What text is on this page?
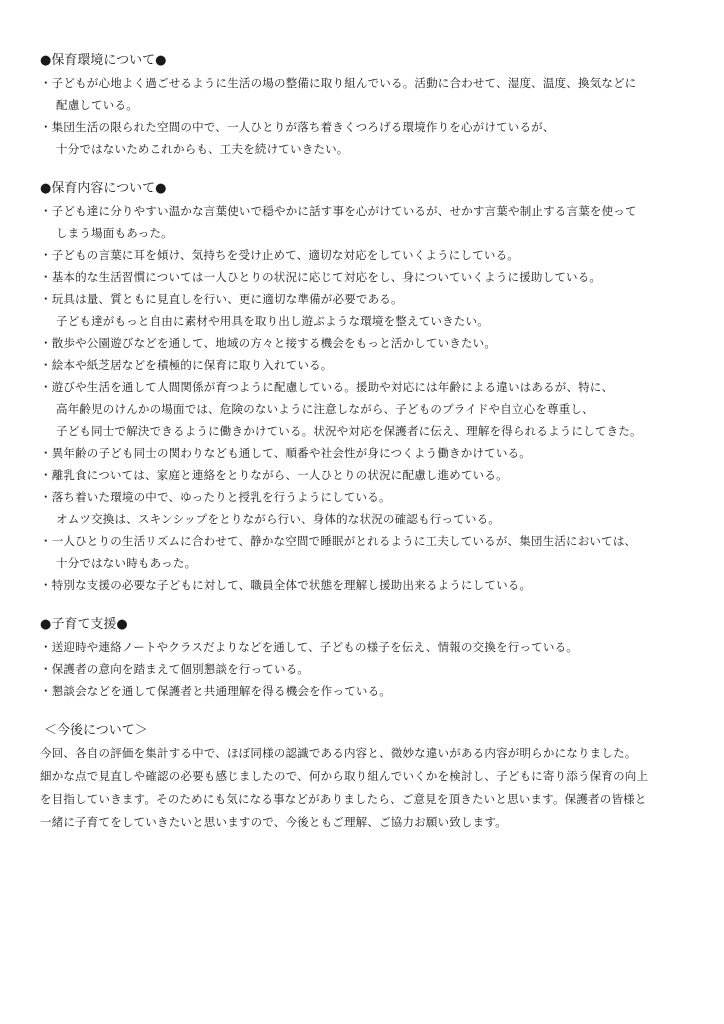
●保育環境について●
・子どもが心地よく過ごせるように生活の場の整備に取り組んでいる。活動に合わせて、湿度、温度、換気などに
配慮している。
・集団生活の限られた空間の中で、一人ひとりが落ち着きくつろげる環境作りを心がけているが、
十分ではないためこれからも、工夫を続けていきたい。
●保育内容について●
・子ども達に分りやすい温かな言葉使いで穏やかに話す事を心がけているが、せかす言葉や制止する言葉を使って
しまう場面もあった。
・子どもの言葉に耳を傾け、気持ちを受け止めて、適切な対応をしていくようにしている。
・基本的な生活習慣については一人ひとりの状況に応じて対応をし、身についていくように援助している。
・玩具は量、質ともに見直しを行い、更に適切な準備が必要である。
子ども達がもっと自由に素材や用具を取り出し遊ぶような環境を整えていきたい。
・散歩や公園遊びなどを通して、地域の方々と接する機会をもっと活かしていきたい。
・絵本や紙芝居などを積極的に保育に取り入れている。
・遊びや生活を通して人間関係が育つように配慮している。援助や対応には年齢による違いはあるが、特に、
高年齢児のけんかの場面では、危険のないように注意しながら、子どものプライドや自立心を尊重し、
子ども同士で解決できるように働きかけている。状況や対応を保護者に伝え、理解を得られるようにしてきた。
・異年齢の子ども同士の関わりなども通して、順番や社会性が身につくよう働きかけている。
・離乳食については、家庭と連絡をとりながら、一人ひとりの状況に配慮し進めている。
・落ち着いた環境の中で、ゆったりと授乳を行うようにしている。
オムツ交換は、スキンシップをとりながら行い、身体的な状況の確認も行っている。
・一人ひとりの生活リズムに合わせて、静かな空間で睡眠がとれるように工夫しているが、集団生活においては、
十分ではない時もあった。
・特別な支援の必要な子どもに対して、職員全体で状態を理解し援助出来るようにしている。
●子育て支援●
・送迎時や連絡ノートやクラスだよりなどを通して、子どもの様子を伝え、情報の交換を行っている。
・保護者の意向を踏まえて個別懇談を行っている。
・懇談会などを通して保護者と共通理解を得る機会を作っている。
＜今後について＞
今回、各自の評価を集計する中で、ほぼ同様の認識である内容と、微妙な違いがある内容が明らかになりました。
細かな点で見直しや確認の必要も感じましたので、何から取り組んでいくかを検討し、子どもに寄り添う保育の向上
を目指していきます。そのためにも気になる事などがありましたら、ご意見を頂きたいと思います。保護者の皆様と
一緒に子育てをしていきたいと思いますので、今後ともご理解、ご協力お願い致します。
